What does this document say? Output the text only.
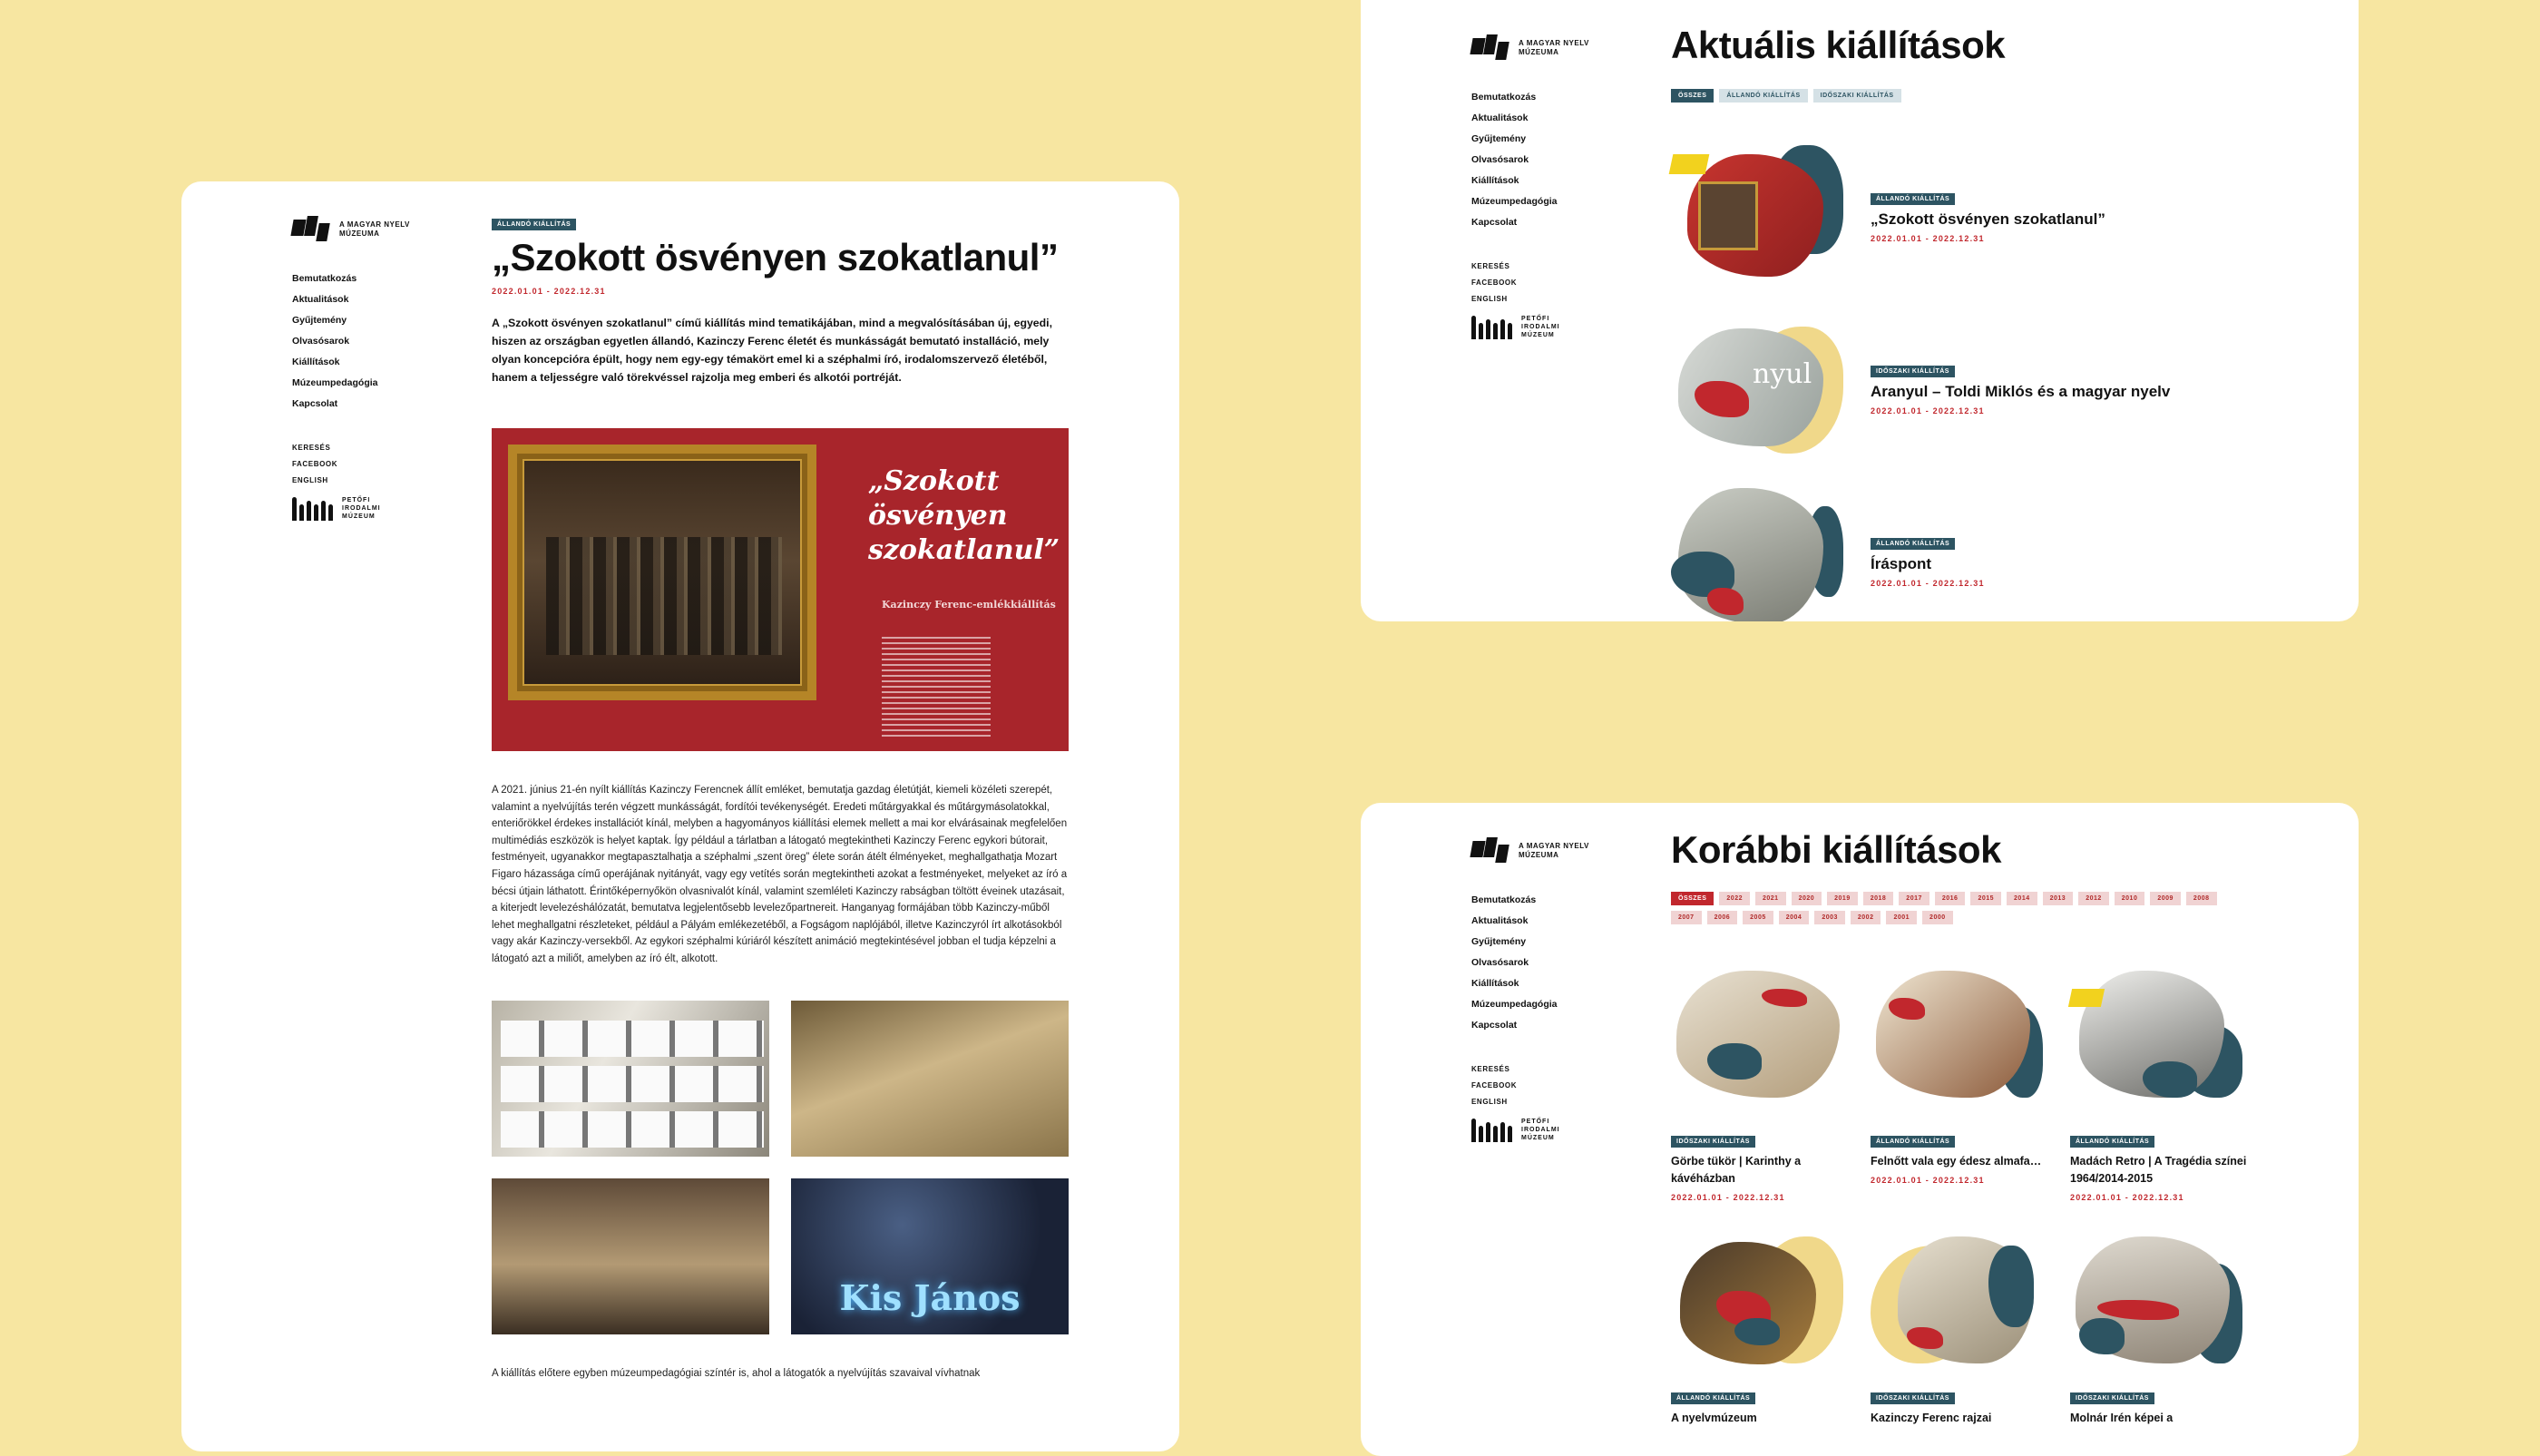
A MAGYAR NYELV MÚZEUMA
Bemutatkozás
Aktualitások
Gyűjtemény
Olvasósarok
Kiállítások
Múzeumpedagógia
Kapcsolat
KERESÉS
FACEBOOK
ENGLISH
PETŐFI IRODALMI MÚZEUM
ÁLLANDÓ KIÁLLÍTÁS
„Szokott ösvényen szokatlanul”
2022.01.01 - 2022.12.31

A „Szokott ösvényen szokatlanul” című kiállítás mind tematikájában, mind a megvalósításában új, egyedi, hiszen az országban egyetlen állandó, Kazinczy Ferenc életét és munkásságát bemutató installáció, mely olyan koncepcióra épült, hogy nem egy-egy témakört emel ki a széphalmi író, irodalomszervező életéből, hanem a teljességre való törekvéssel rajzolja meg emberi és alkotói portréját.

„Szokott ösvényen szokatlanul”
Kazinczy Ferenc-emlékkiállítás

A 2021. június 21-én nyílt kiállítás Kazinczy Ferencnek állít emléket, bemutatja gazdag életútját, kiemeli közéleti szerepét, valamint a nyelvújítás terén végzett munkásságát, fordítói tevékenységét. Eredeti műtárgyakkal és műtárgymásolatokkal, enteriőrökkel érdekes installációt kínál, melyben a hagyományos kiállítási elemek mellett a mai kor elvárásainak megfelelően multimédiás eszközök is helyet kaptak. Így például a tárlatban a látogató megtekintheti Kazinczy Ferenc egykori bútorait, festményeit, ugyanakkor megtapasztalhatja a széphalmi „szent öreg” élete során átélt élményeket, meghallgathatja Mozart Figaro házassága című operájának nyitányát, vagy egy vetítés során megtekintheti azokat a festményeket, melyeket az író a bécsi útjain láthatott. Érintőképernyőkön olvasnivalót kínál, valamint szemléleti Kazinczy rabságban töltött éveinek utazásait, a kiterjedt levelezéshálózatát, bemutatva legjelentősebb levelezőpartnereit. Hanganyag formájában több Kazinczy-műből lehet meghallgatni részleteket, például a Pályám emlékezetéből, a Fogságom naplójából, illetve Kazinczyról írt alkotásokból vagy akár Kazinczy-versekből. Az egykori széphalmi kúriáról készített animáció megtekintésével jobban el tudja képzelni a látogató azt a miliőt, amelyben az író élt, alkotott.

Kis János

A kiállítás előtere egyben múzeumpedagógiai színtér is, ahol a látogatók a nyelvújítás szavaival vívhatnak

A MAGYAR NYELV MÚZEUMA
Bemutatkozás
Aktualitások
Gyűjtemény
Olvasósarok
Kiállítások
Múzeumpedagógia
Kapcsolat
KERESÉS
FACEBOOK
ENGLISH
PETŐFI IRODALMI MÚZEUM
Aktuális kiállítások
ÖSSZES	ÁLLANDÓ KIÁLLÍTÁS	IDŐSZAKI KIÁLLÍTÁS
ÁLLANDÓ KIÁLLÍTÁS
„Szokott ösvényen szokatlanul”
2022.01.01 - 2022.12.31
nyul	IDŐSZAKI KIÁLLÍTÁS
Aranyul – Toldi Miklós és a magyar nyelv
2022.01.01 - 2022.12.31
ÁLLANDÓ KIÁLLÍTÁS
Íráspont
2022.01.01 - 2022.12.31
A MAGYAR NYELV MÚZEUMA
Bemutatkozás
Aktualitások
Gyűjtemény
Olvasósarok
Kiállítások
Múzeumpedagógia
Kapcsolat
KERESÉS
FACEBOOK
ENGLISH
PETŐFI IRODALMI MÚZEUM
Korábbi kiállítások
ÖSSZES	2022	2021	2020	2019	2018	2017	2016	2015	2014	2013	2012	2010	2009	2008
2007	2006	2005	2004	2003	2002	2001	2000
IDŐSZAKI KIÁLLÍTÁS
Görbe tükör | Karinthy a kávéházban
2022.01.01 - 2022.12.31
ÁLLANDÓ KIÁLLÍTÁS
Felnőtt vala egy édesz almafa…
2022.01.01 - 2022.12.31
ÁLLANDÓ KIÁLLÍTÁS
Madách Retro | A Tragédia színei 1964/2014-2015
2022.01.01 - 2022.12.31
ÁLLANDÓ KIÁLLÍTÁS
A nyelvmúzeum
IDŐSZAKI KIÁLLÍTÁS
Kazinczy Ferenc rajzai
IDŐSZAKI KIÁLLÍTÁS
Molnár Irén képei a
